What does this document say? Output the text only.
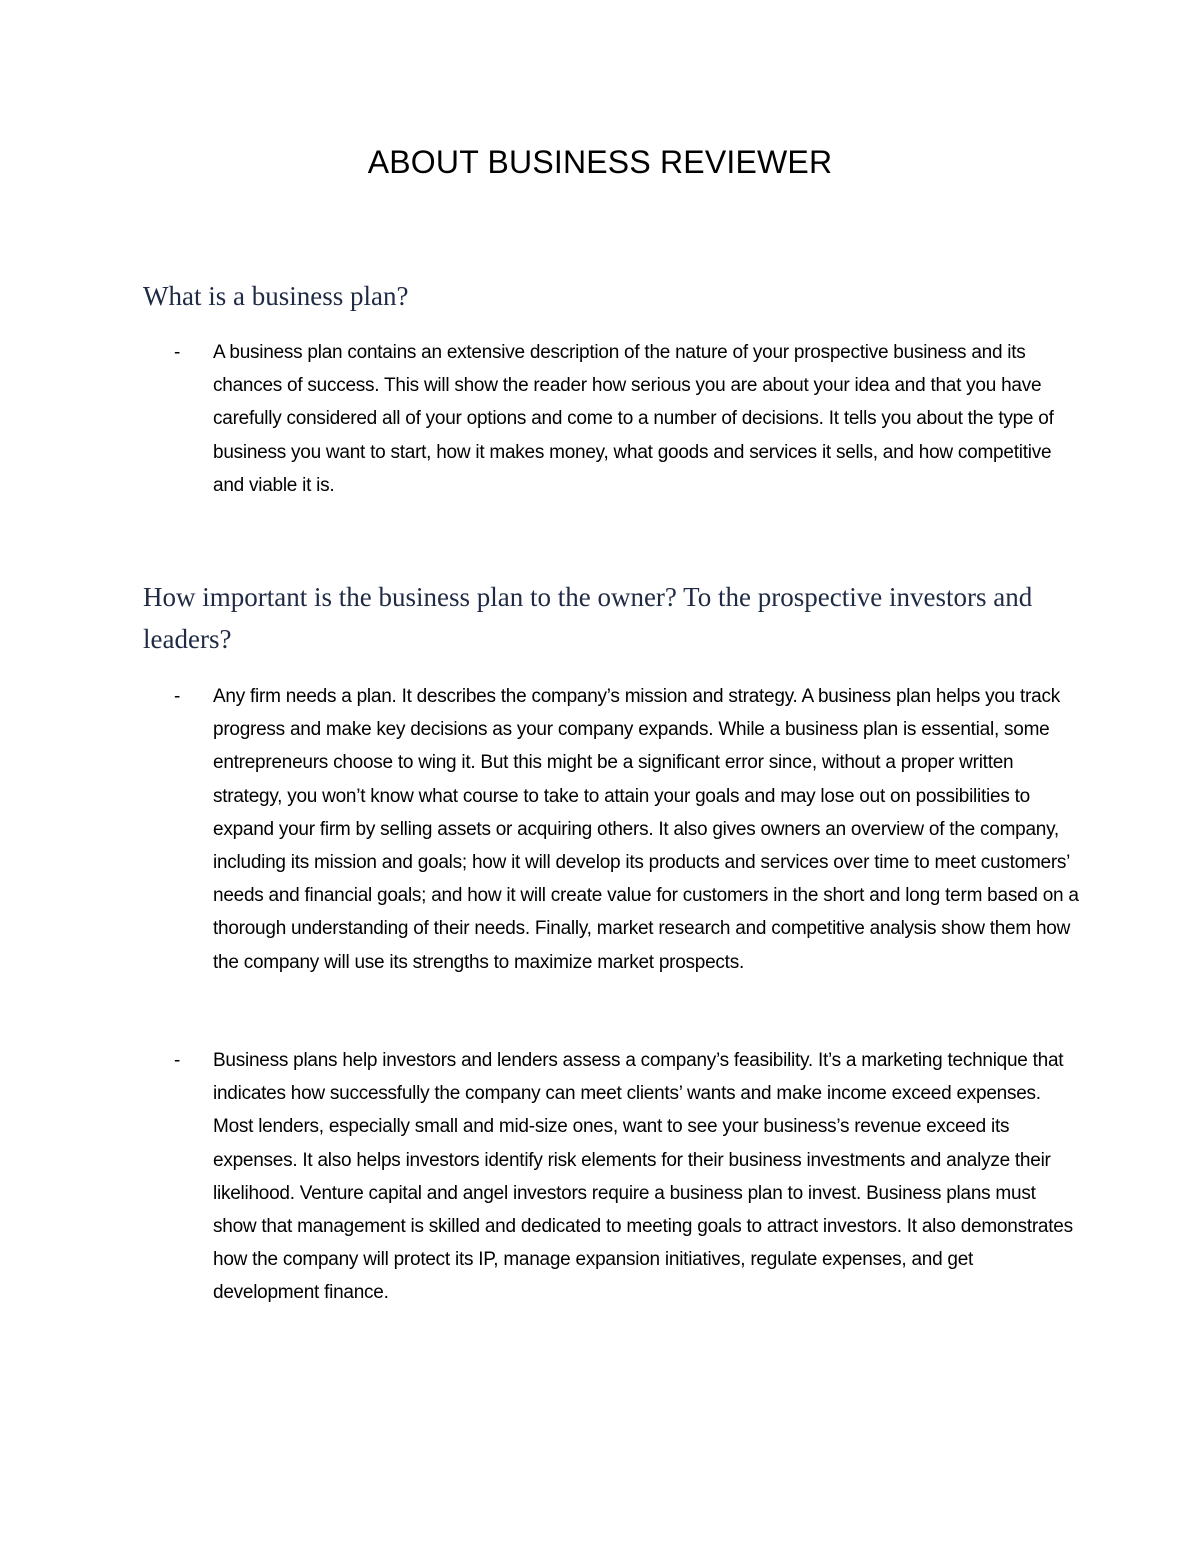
ABOUT BUSINESS REVIEWER
What is a business plan?
- A business plan contains an extensive description of the nature of your prospective business and its chances of success. This will show the reader how serious you are about your idea and that you have carefully considered all of your options and come to a number of decisions. It tells you about the type of business you want to start, how it makes money, what goods and services it sells, and how competitive and viable it is.

How important is the business plan to the owner? To the prospective investors and leaders?
- Any firm needs a plan. It describes the company’s mission and strategy. A business plan helps you track progress and make key decisions as your company expands. While a business plan is essential, some entrepreneurs choose to wing it. But this might be a significant error since, without a proper written strategy, you won’t know what course to take to attain your goals and may lose out on possibilities to expand your firm by selling assets or acquiring others. It also gives owners an overview of the company, including its mission and goals; how it will develop its products and services over time to meet customers’ needs and financial goals; and how it will create value for customers in the short and long term based on a thorough understanding of their needs. Finally, market research and competitive analysis show them how the company will use its strengths to maximize market prospects.

- Business plans help investors and lenders assess a company’s feasibility. It’s a marketing technique that indicates how successfully the company can meet clients’ wants and make income exceed expenses. Most lenders, especially small and mid-size ones, want to see your business’s revenue exceed its expenses. It also helps investors identify risk elements for their business investments and analyze their likelihood. Venture capital and angel investors require a business plan to invest. Business plans must show that management is skilled and dedicated to meeting goals to attract investors. It also demonstrates how the company will protect its IP, manage expansion initiatives, regulate expenses, and get development finance.
